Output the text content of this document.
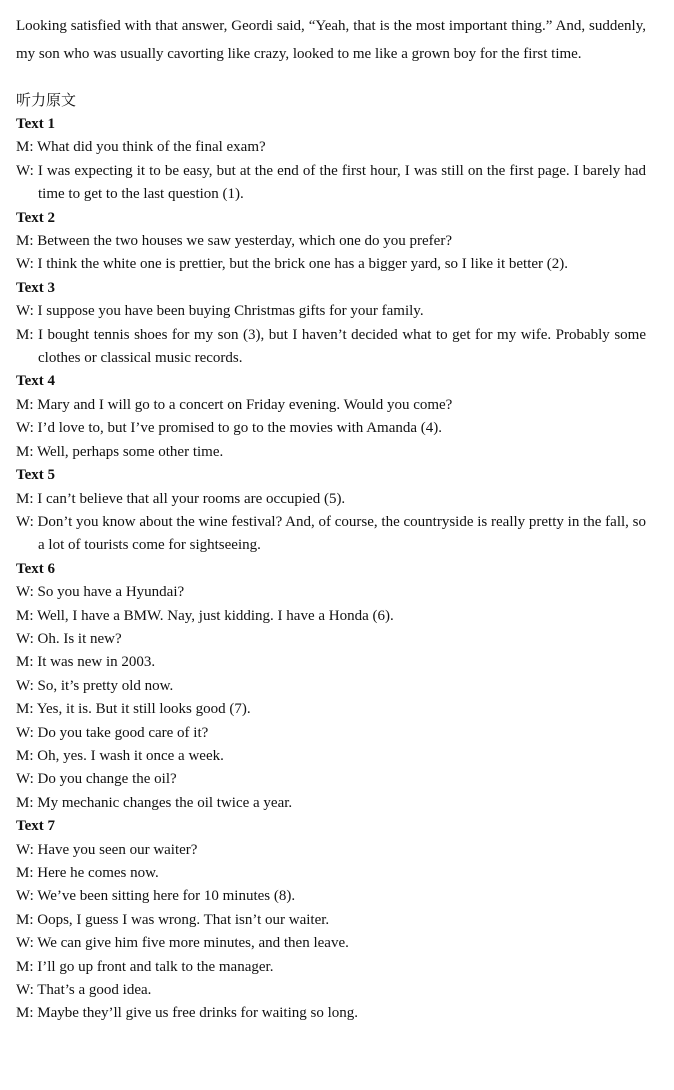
Looking satisfied with that answer, Geordi said, “Yeah, that is the most important thing.” And, suddenly, my son who was usually cavorting like crazy, looked to me like a grown boy for the first time.

听力原文
Text 1
M: What did you think of the final exam?
W: I was expecting it to be easy, but at the end of the first hour, I was still on the first page. I barely had time to get to the last question (1).
Text 2
M: Between the two houses we saw yesterday, which one do you prefer?
W: I think the white one is prettier, but the brick one has a bigger yard, so I like it better (2).
Text 3
W: I suppose you have been buying Christmas gifts for your family.
M: I bought tennis shoes for my son (3), but I haven’t decided what to get for my wife. Probably some clothes or classical music records.
Text 4
M: Mary and I will go to a concert on Friday evening. Would you come?
W: I’d love to, but I’ve promised to go to the movies with Amanda (4).
M: Well, perhaps some other time.
Text 5
M: I can’t believe that all your rooms are occupied (5).
W: Don’t you know about the wine festival? And, of course, the countryside is really pretty in the fall, so a lot of tourists come for sightseeing.
Text 6
W: So you have a Hyundai?
M: Well, I have a BMW. Nay, just kidding. I have a Honda (6).
W: Oh. Is it new?
M: It was new in 2003.
W: So, it’s pretty old now.
M: Yes, it is. But it still looks good (7).
W: Do you take good care of it?
M: Oh, yes. I wash it once a week.
W: Do you change the oil?
M: My mechanic changes the oil twice a year.
Text 7
W: Have you seen our waiter?
M: Here he comes now.
W: We’ve been sitting here for 10 minutes (8).
M: Oops, I guess I was wrong. That isn’t our waiter.
W: We can give him five more minutes, and then leave.
M: I’ll go up front and talk to the manager.
W: That’s a good idea.
M: Maybe they’ll give us free drinks for waiting so long.
